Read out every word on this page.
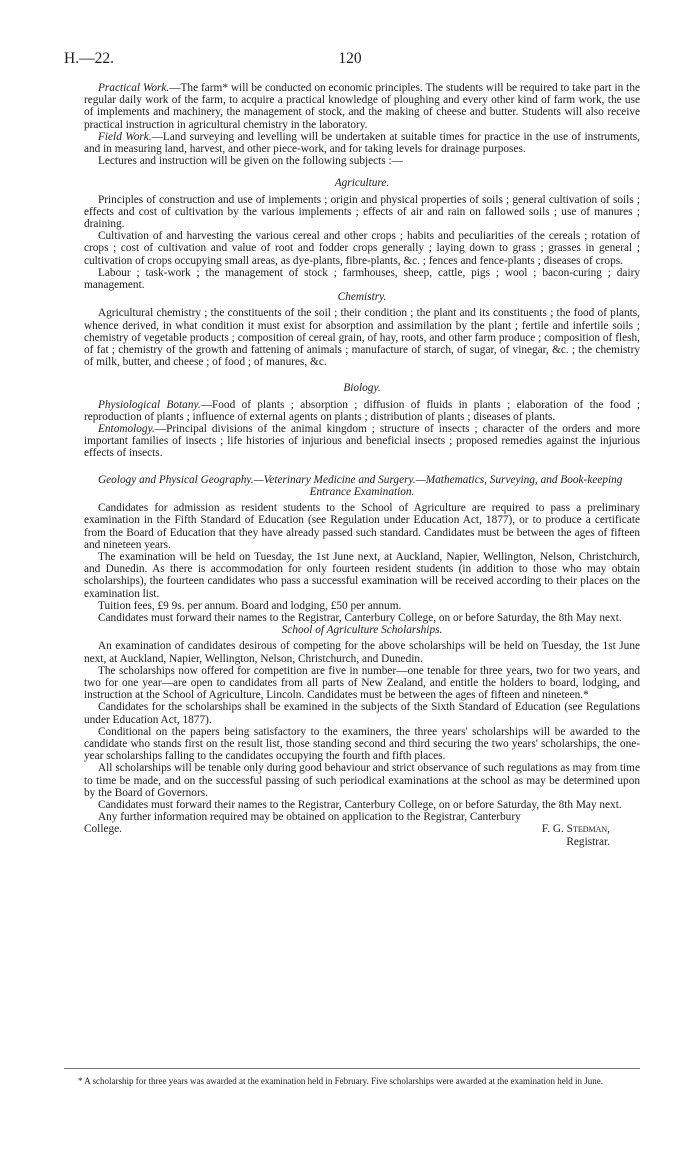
H.—22.	120

Practical Work.—The farm* will be conducted on economic principles. The students will be required to take part in the regular daily work of the farm, to acquire a practical knowledge of ploughing and every other kind of farm work, the use of implements and machinery, the management of stock, and the making of cheese and butter. Students will also receive practical instruction in agricultural chemistry in the laboratory.

Field Work.—Land surveying and levelling will be undertaken at suitable times for practice in the use of instruments, and in measuring land, harvest, and other piece-work, and for taking levels for drainage purposes.

Lectures and instruction will be given on the following subjects :—

Agriculture.

Principles of construction and use of implements ; origin and physical properties of soils ; general cultivation of soils ; effects and cost of cultivation by the various implements ; effects of air and rain on fallowed soils ; use of manures ; draining.

Cultivation of and harvesting the various cereal and other crops ; habits and peculiarities of the cereals ; rotation of crops ; cost of cultivation and value of root and fodder crops generally ; laying down to grass ; grasses in general ; cultivation of crops occupying small areas, as dye-plants, fibre-plants, &c. ; fences and fence-plants ; diseases of crops.

Labour ; task-work ; the management of stock ; farmhouses, sheep, cattle, pigs ; wool ; bacon-curing ; dairy management.

Chemistry.

Agricultural chemistry ; the constituents of the soil ; their condition ; the plant and its constituents ; the food of plants, whence derived, in what condition it must exist for absorption and assimilation by the plant ; fertile and infertile soils ; chemistry of vegetable products ; composition of cereal grain, of hay, roots, and other farm produce ; composition of flesh, of fat ; chemistry of the growth and fattening of animals ; manufacture of starch, of sugar, of vinegar, &c. ; the chemistry of milk, butter, and cheese ; of food ; of manures, &c.

Biology.

Physiological Botany.—Food of plants ; absorption ; diffusion of fluids in plants ; elaboration of the food ; reproduction of plants ; influence of external agents on plants ; distribution of plants ; diseases of plants.

Entomology.—Principal divisions of the animal kingdom ; structure of insects ; character of the orders and more important families of insects ; life histories of injurious and beneficial insects ; proposed remedies against the injurious effects of insects.

Geology and Physical Geography.—Veterinary Medicine and Surgery.—Mathematics, Surveying, and Book-keeping

Entrance Examination.

Candidates for admission as resident students to the School of Agriculture are required to pass a preliminary examination in the Fifth Standard of Education (see Regulation under Education Act, 1877), or to produce a certificate from the Board of Education that they have already passed such standard. Candidates must be between the ages of fifteen and nineteen years.

The examination will be held on Tuesday, the 1st June next, at Auckland, Napier, Wellington, Nelson, Christchurch, and Dunedin. As there is accommodation for only fourteen resident students (in addition to those who may obtain scholarships), the fourteen candidates who pass a successful examination will be received according to their places on the examination list.

Tuition fees, £9 9s. per annum. Board and lodging, £50 per annum.

Candidates must forward their names to the Registrar, Canterbury College, on or before Saturday, the 8th May next.

School of Agriculture Scholarships.

An examination of candidates desirous of competing for the above scholarships will be held on Tuesday, the 1st June next, at Auckland, Napier, Wellington, Nelson, Christchurch, and Dunedin.

The scholarships now offered for competition are five in number—one tenable for three years, two for two years, and two for one year—are open to candidates from all parts of New Zealand, and entitle the holders to board, lodging, and instruction at the School of Agriculture, Lincoln. Candidates must be between the ages of fifteen and nineteen.*

Candidates for the scholarships shall be examined in the subjects of the Sixth Standard of Education (see Regulations under Education Act, 1877).

Conditional on the papers being satisfactory to the examiners, the three years' scholarships will be awarded to the candidate who stands first on the result list, those standing second and third securing the two years' scholarships, the one-year scholarships falling to the candidates occupying the fourth and fifth places.

All scholarships will be tenable only during good behaviour and strict observance of such regulations as may from time to time be made, and on the successful passing of such periodical examinations at the school as may be determined upon by the Board of Governors.

Candidates must forward their names to the Registrar, Canterbury College, on or before Saturday, the 8th May next.

Any further information required may be obtained on application to the Registrar, Canterbury

College.	F. G. Stedman,
Registrar.
* A scholarship for three years was awarded at the examination held in February. Five scholarships were awarded at the examination held in June.
